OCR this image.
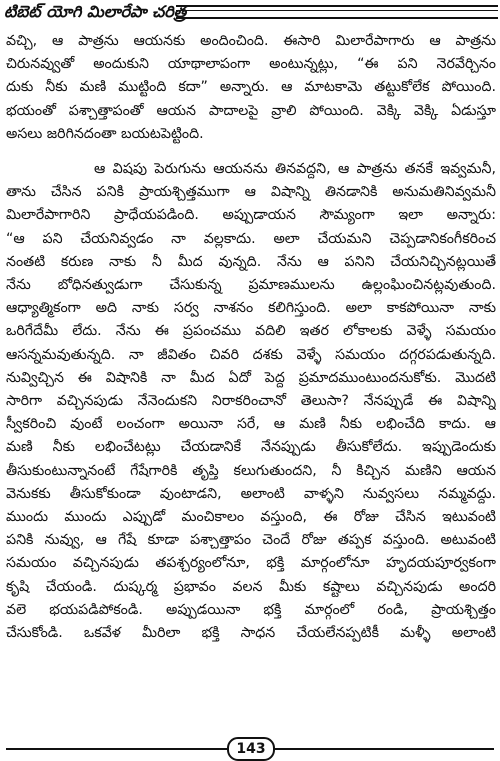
టిబెట్ యోగి మిలారేపా చరిత్ర
వచ్చి, ఆ పాత్రను ఆయనకు అందించింది. ఈసారి మిలారేపాగారు ఆ పాత్రను
చిరునవ్వుతో అందుకుని యాథాలాపంగా అంటున్నట్లు, “ఈ పని నెరవేర్చినం
దుకు నీకు మణి ముట్టింది కదా” అన్నారు. ఆ మాటకామె తట్టుకోలేక పోయింది.
భయంతో పశ్చాత్తాపంతో ఆయన పాదాలపై వ్రాలి పోయింది. వెక్కి వెక్కి ఏడుస్తూ
అసలు జరిగినదంతా బయటపెట్టింది.
ఆ విషపు పెరుగును ఆయనను తినవద్దని, ఆ పాత్రను తనకే ఇవ్వమనీ,
తాను చేసిన పనికి ప్రాయశ్చిత్తముగా ఆ విషాన్ని తినడానికి అనుమతినివ్వమనీ
మిలారేపాగారిని ప్రాధేయపడింది. అప్పుడాయన సౌమ్యంగా ఇలా అన్నారు:
“ఆ పని చేయనివ్వడం నా వల్లకాదు. అలా చేయమని చెప్పడానికంగీకరించ
నంతటి కరుణ నాకు నీ మీద వున్నది. నేను ఆ పనిని చేయనిచ్చినట్లయితే
నేను బోధినత్వుడుగా చేసుకున్న ప్రమాణములను ఉల్లంఘించినట్లవుతుంది.
ఆధ్యాత్మికంగా అది నాకు సర్వ నాశనం కలిగిస్తుంది. అలా కాకపోయినా నాకు
ఒరిగేదేమీ లేదు. నేను ఈ ప్రపంచము వదిలి ఇతర లోకాలకు వెళ్ళే సమయం
ఆసన్నమవుతున్నది. నా జీవితం చివరి దశకు వెళ్ళే సమయం దగ్గరపడుతున్నది.
నువ్విచ్చిన ఈ విషానికి నా మీద ఏదో పెద్ద ప్రమాదముంటుందనుకోకు. మొదటి
సారిగా వచ్చినపుడు నేనెందుకని నిరాకరించానో తెలుసా? నేనప్పుడే ఈ విషాన్ని
స్వీకరించి వుంటే లంచంగా అయినా సరే, ఆ మణి నీకు లభించేది కాదు. ఆ
మణి నీకు లభించేటట్లు చేయడానికే నేనప్పుడు తీసుకోలేదు. ఇప్పుడెందుకు
తీసుకుంటున్నానంటే గేషేగారికి తృప్తి కలుగుతుందని, నీ కిచ్చిన మణిని ఆయన
వెనుకకు తీసుకోకుండా వుంటాడని, అలాంటి వాళ్ళని నువ్వసలు నమ్మవద్దు.
ముందు ముందు ఎప్పుడో మంచికాలం వస్తుంది, ఈ రోజు చేసిన ఇటువంటి
పనికి నువ్వు, ఆ గేషే కూడా పశ్చాత్తాపం చెందే రోజు తప్పక వస్తుంది. అటువంటి
సమయం వచ్చినపుడు తపశ్చర్యంలోనూ, భక్తి మార్గంలోనూ హృదయపూర్వకంగా
కృషి చేయండి. దుష్కర్మ ప్రభావం వలన మీకు కష్టాలు వచ్చినపుడు అందరి
వలె భయపడిపోకండి. అప్పుడయినా భక్తి మార్గంలో రండి, ప్రాయశ్చిత్తం
చేసుకోండి. ఒకవేళ మీరిలా భక్తి సాధన చేయలేనప్పటికీ మళ్ళీ అలాంటి
143
